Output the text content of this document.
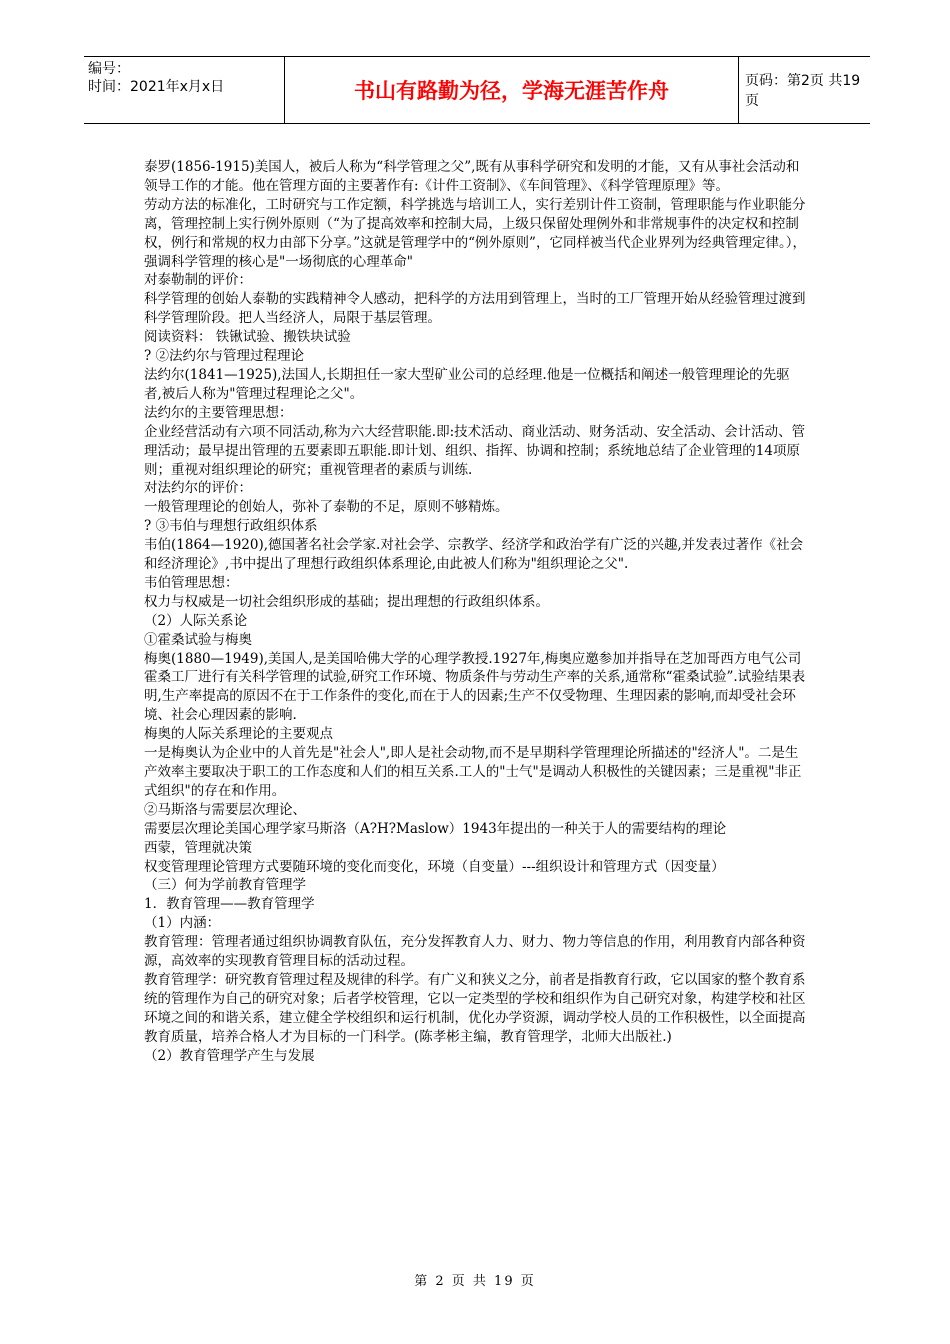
编号：
时间：2021年x月x日	书山有路勤为径，学海无涯苦作舟	页码：第2页 共19页

泰罗(1856-1915)美国人，被后人称为“科学管理之父”,既有从事科学研究和发明的才能，又有从事社会活动和领导工作的才能。他在管理方面的主要著作有:《计件工资制》、《车间管理》、《科学管理原理》等。

劳动方法的标准化，工时研究与工作定额，科学挑选与培训工人，实行差别计件工资制，管理职能与作业职能分离，管理控制上实行例外原则（“为了提高效率和控制大局，上级只保留处理例外和非常规事件的决定权和控制权，例行和常规的权力由部下分享。”这就是管理学中的“例外原则”，它同样被当代企业界列为经典管理定律。），强调科学管理的核心是"一场彻底的心理革命"

对泰勒制的评价：

科学管理的创始人泰勒的实践精神令人感动，把科学的方法用到管理上，当时的工厂管理开始从经验管理过渡到科学管理阶段。把人当经济人，局限于基层管理。

阅读资料： 铁锹试验、搬铁块试验

? ②法约尔与管理过程理论

法约尔(1841—1925),法国人,长期担任一家大型矿业公司的总经理.他是一位概括和阐述一般管理理论的先驱者,被后人称为"管理过程理论之父"。

法约尔的主要管理思想：

企业经营活动有六项不同活动,称为六大经营职能.即:技术活动、商业活动、财务活动、安全活动、会计活动、管理活动；最早提出管理的五要素即五职能.即计划、组织、指挥、协调和控制；系统地总结了企业管理的14项原则；重视对组织理论的研究；重视管理者的素质与训练.

对法约尔的评价：

一般管理理论的创始人，弥补了泰勒的不足，原则不够精炼。

? ③韦伯与理想行政组织体系

韦伯(1864—1920),德国著名社会学家.对社会学、宗教学、经济学和政治学有广泛的兴趣,并发表过著作《社会和经济理论》,书中提出了理想行政组织体系理论,由此被人们称为"组织理论之父".

韦伯管理思想：

权力与权威是一切社会组织形成的基础；提出理想的行政组织体系。

（2）人际关系论

①霍桑试验与梅奥

梅奥(1880—1949),美国人,是美国哈佛大学的心理学教授.1927年,梅奥应邀参加并指导在芝加哥西方电气公司霍桑工厂进行有关科学管理的试验,研究工作环境、物质条件与劳动生产率的关系,通常称“霍桑试验”.试验结果表明,生产率提高的原因不在于工作条件的变化,而在于人的因素;生产不仅受物理、生理因素的影响,而却受社会环境、社会心理因素的影响.

梅奥的人际关系理论的主要观点

一是梅奥认为企业中的人首先是"社会人",即人是社会动物,而不是早期科学管理理论所描述的"经济人"。二是生产效率主要取决于职工的工作态度和人们的相互关系.工人的"士气"是调动人积极性的关键因素；三是重视"非正式组织"的存在和作用。

②马斯洛与需要层次理论、

需要层次理论美国心理学家马斯洛（A?H?Maslow）1943年提出的一种关于人的需要结构的理论

西蒙，管理就决策

权变管理理论管理方式要随环境的变化而变化，环境（自变量）---组织设计和管理方式（因变量）

（三）何为学前教育管理学

1．教育管理——教育管理学

（1）内涵：

教育管理：管理者通过组织协调教育队伍，充分发挥教育人力、财力、物力等信息的作用，利用教育内部各种资源，高效率的实现教育管理目标的活动过程。

教育管理学：研究教育管理过程及规律的科学。有广义和狭义之分，前者是指教育行政，它以国家的整个教育系统的管理作为自己的研究对象；后者学校管理，它以一定类型的学校和组织作为自己研究对象，构建学校和社区环境之间的和谐关系，建立健全学校组织和运行机制，优化办学资源，调动学校人员的工作积极性，以全面提高教育质量，培养合格人才为目标的一门科学。(陈孝彬主编，教育管理学，北师大出版社.)

（2）教育管理学产生与发展

第 2 页 共 19 页
